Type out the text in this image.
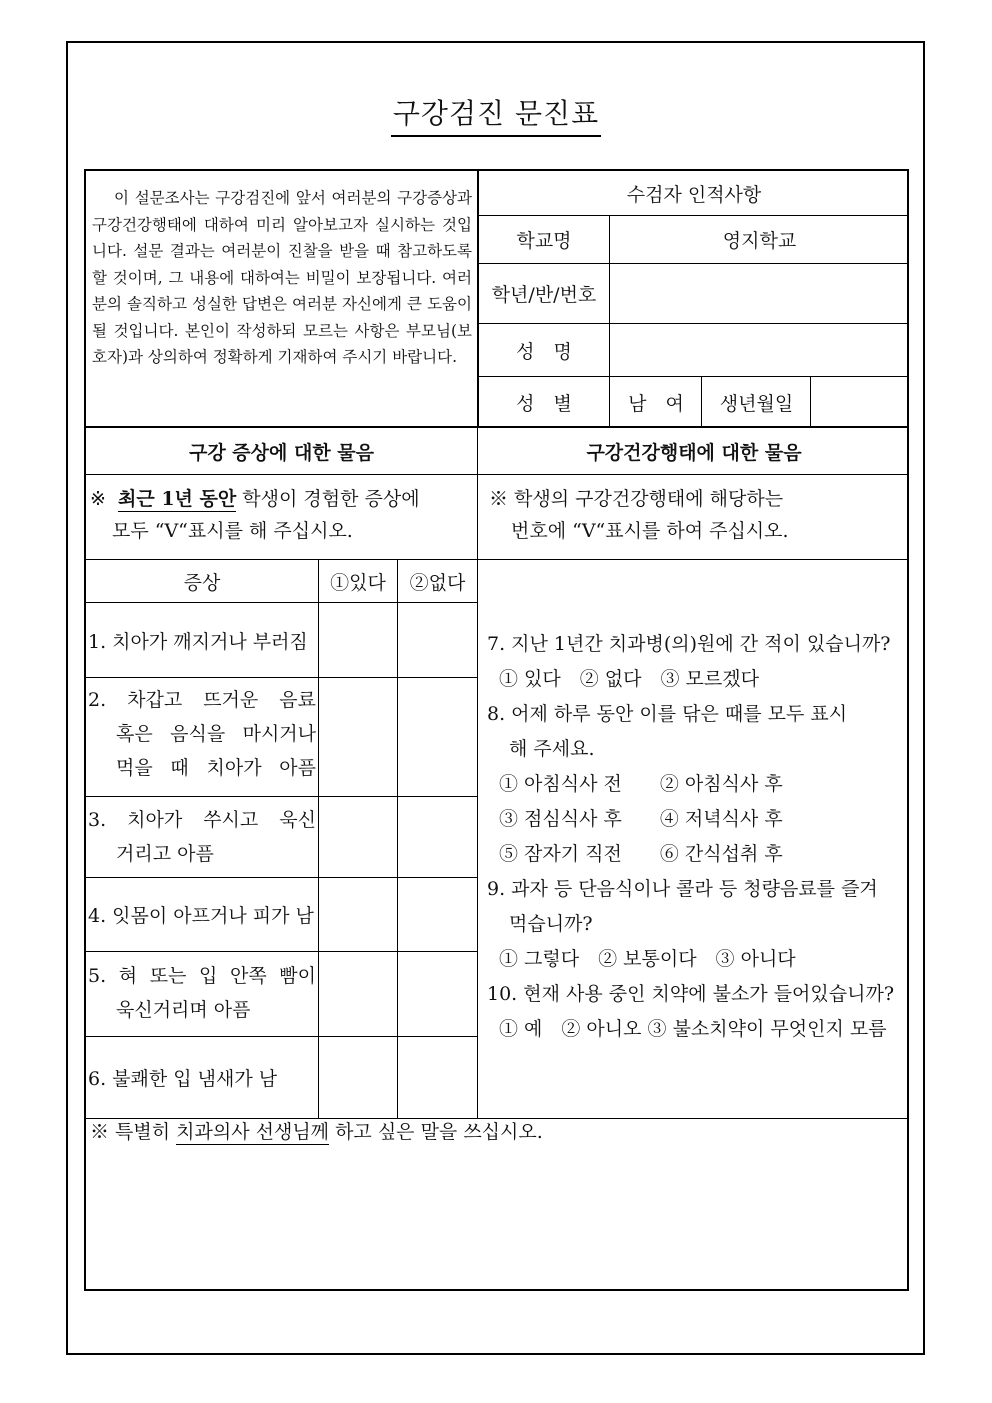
구강검진 문진표
이 설문조사는 구강검진에 앞서 여러분의 구강증상과 구강건강행태에 대하여 미리 알아보고자 실시하는 것입니다. 설문 결과는 여러분이 진찰을 받을 때 참고하도록 할 것이며, 그 내용에 대하여는 비밀이 보장됩니다. 여러분의 솔직하고 성실한 답변은 여러분 자신에게 큰 도움이 될 것입니다. 본인이 작성하되 모르는 사항은 부모님(보호자)과 상의하여 정확하게 기재하여 주시기 바랍니다.
수검자 인적사항
학교명	영지학교
학년/반/번호
성　명
성　별	남　여	생년월일
구강 증상에 대한 물음	구강건강행태에 대한 물음
※ 최근 1년 동안 학생이 경험한 증상에
모두 “V“표시를 해 주십시오.
※ 학생의 구강건강행태에 해당하는
번호에 “V“표시를 하여 주십시오.
증상	①있다	②없다
1. 치아가 깨지거나 부러짐
2. 차갑고 뜨거운 음료
혹은 음식을 마시거나
먹을 때 치아가 아픔
3. 치아가 쑤시고 욱신
거리고 아픔
4. 잇몸이 아프거나 피가 남
5. 혀 또는 입 안쪽 빰이
욱신거리며 아픔
6. 불쾌한 입 냄새가 남
7. 지난 1년간 치과병(의)원에 간 적이 있습니까?
① 있다　② 없다　③ 모르겠다
8. 어제 하루 동안 이를 닦은 때를 모두 표시
해 주세요.
① 아침식사 전　　② 아침식사 후
③ 점심식사 후　　④ 저녁식사 후
⑤ 잠자기 직전　　⑥ 간식섭취 후
9. 과자 등 단음식이나 콜라 등 청량음료를 즐겨
먹습니까?
① 그렇다　② 보통이다　③ 아니다
10. 현재 사용 중인 치약에 불소가 들어있습니까?
① 예　② 아니오 ③ 불소치약이 무엇인지 모름
※ 특별히 치과의사 선생님께 하고 싶은 말을 쓰십시오.
